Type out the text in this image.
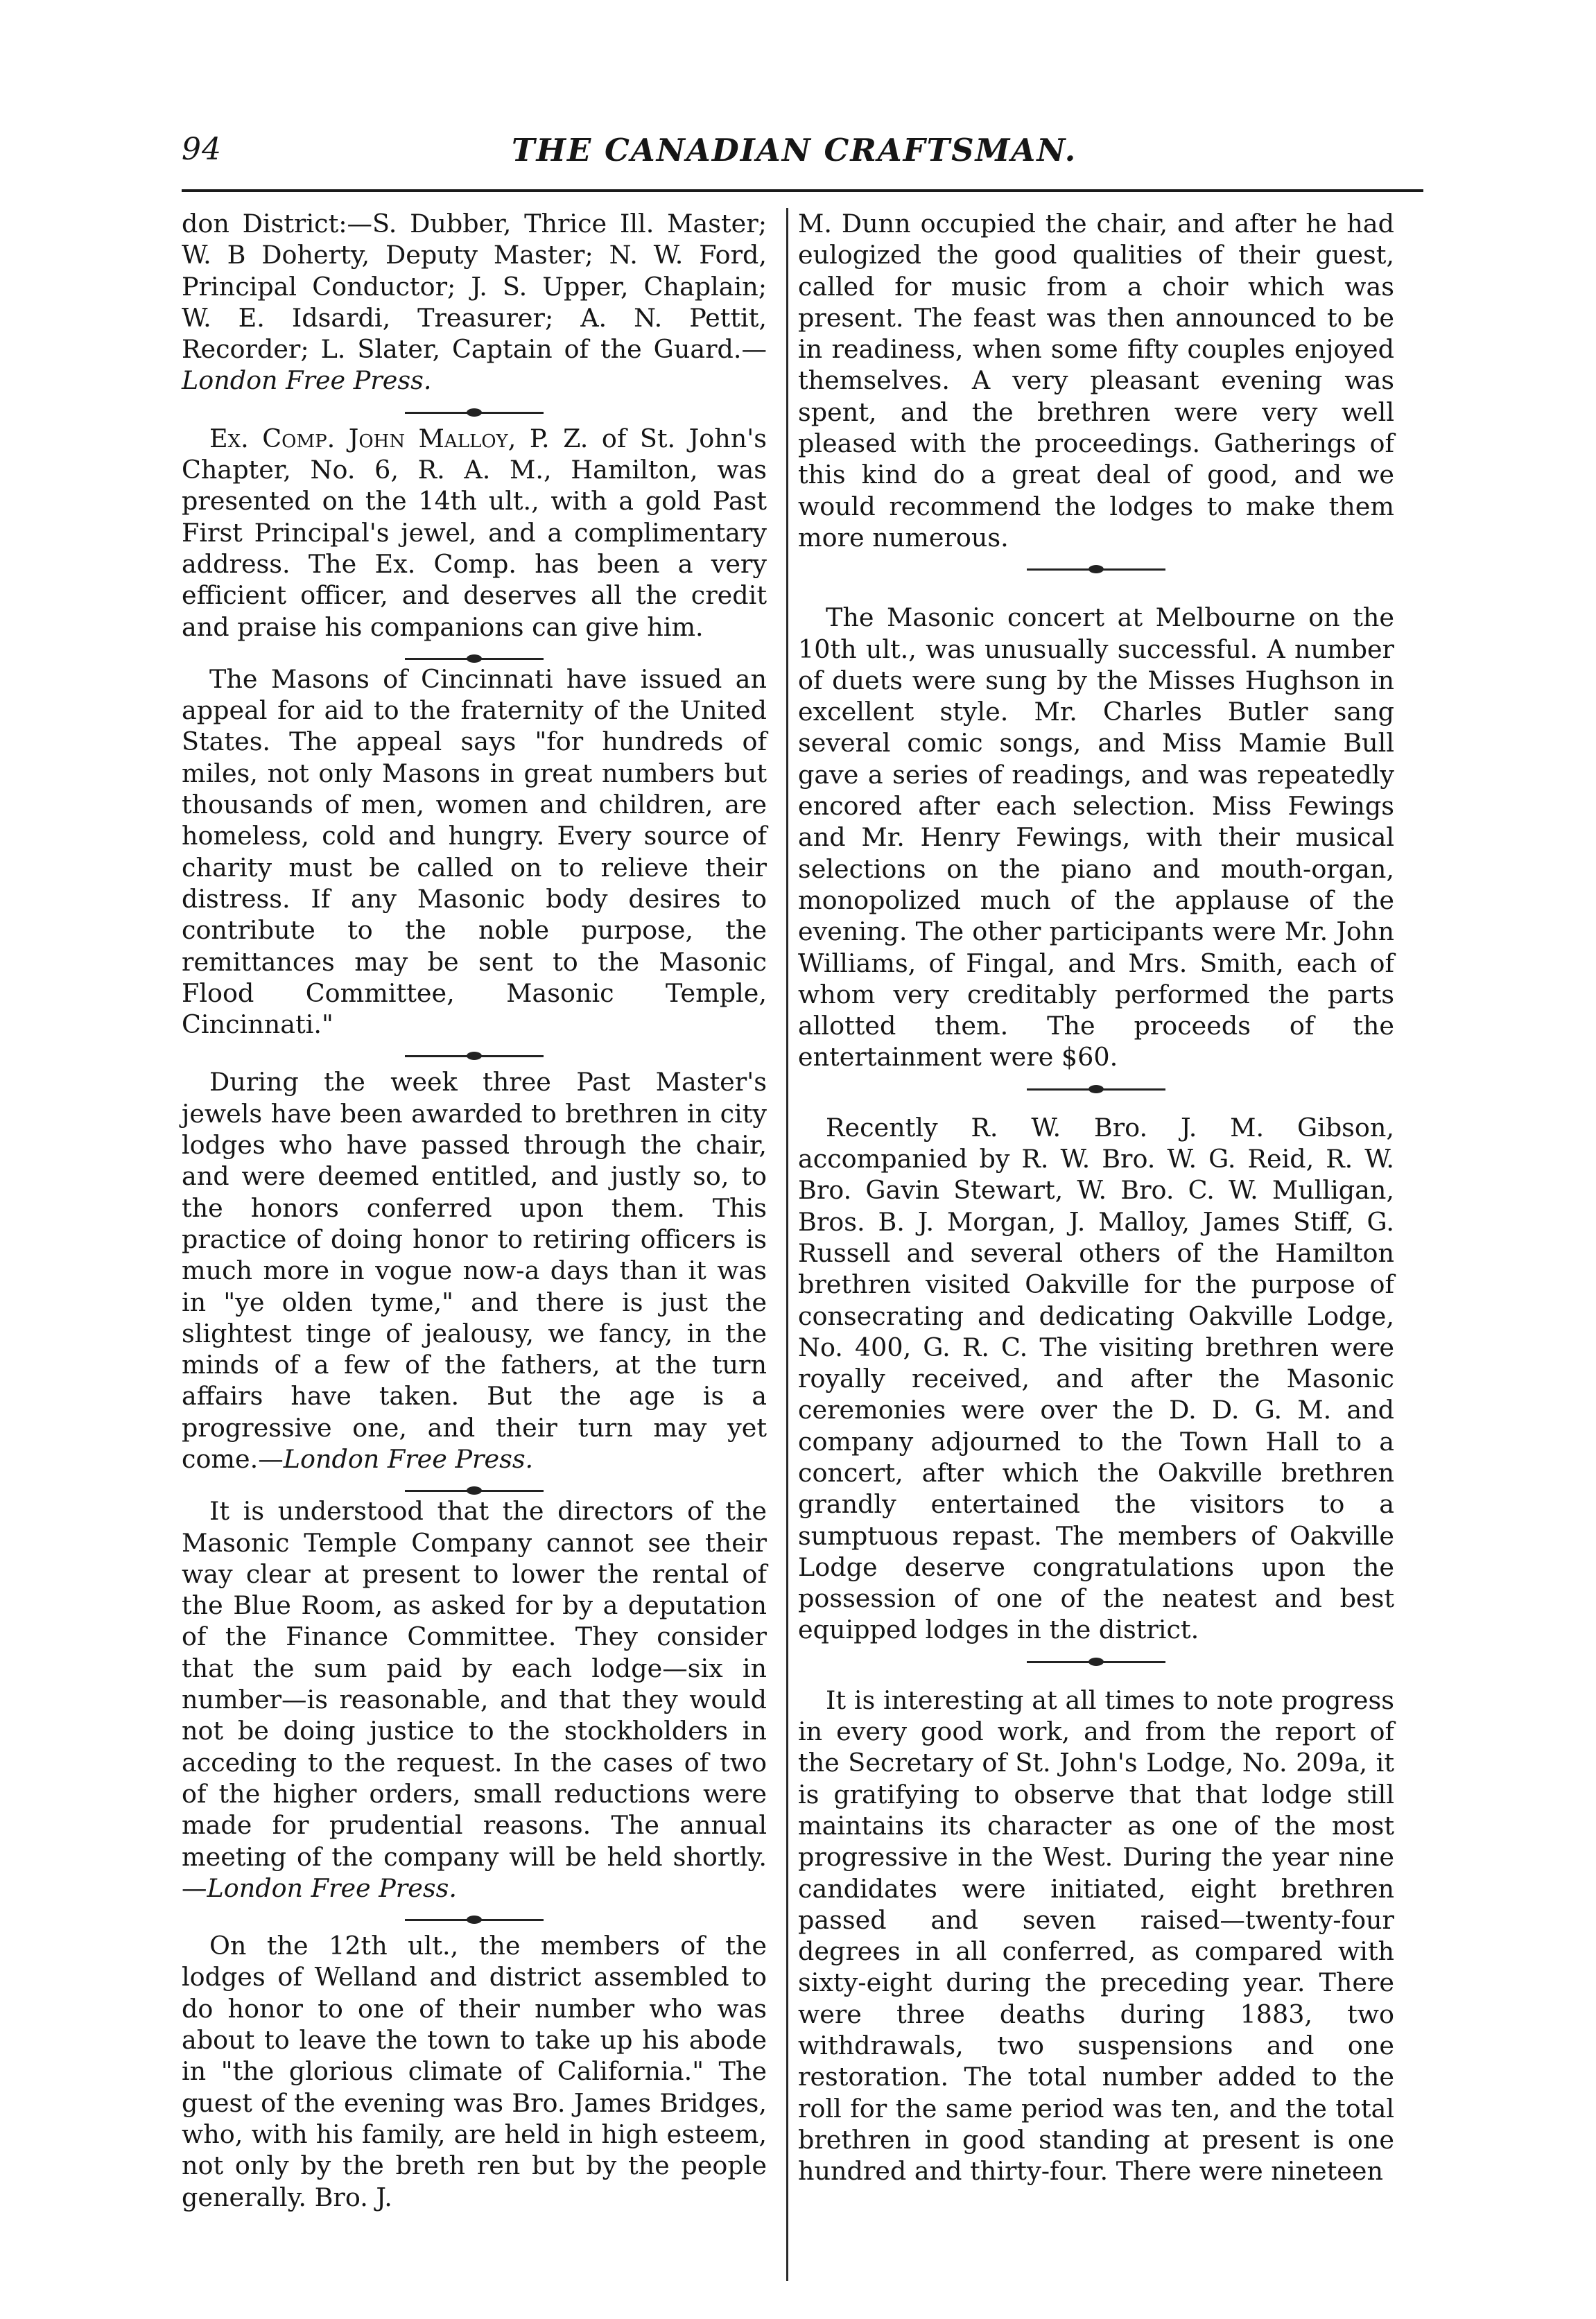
94	THE CANADIAN CRAFTSMAN.

don District:—S. Dubber, Thrice Ill. Master; W. B Doherty, Deputy Master; N. W. Ford, Principal Conductor; J. S. Upper, Chaplain; W. E. Idsardi, Treasurer; A. N. Pettit, Recorder; L. Slater, Captain of the Guard.—London Free Press.

Ex. Comp. John Malloy, P. Z. of St. John's Chapter, No. 6, R. A. M., Hamilton, was presented on the 14th ult., with a gold Past First Principal's jewel, and a complimentary address. The Ex. Comp. has been a very efficient officer, and deserves all the credit and praise his companions can give him.

The Masons of Cincinnati have issued an appeal for aid to the fraternity of the United States. The appeal says "for hundreds of miles, not only Masons in great numbers but thousands of men, women and children, are homeless, cold and hungry. Every source of charity must be called on to relieve their distress. If any Masonic body desires to contribute to the noble purpose, the remittances may be sent to the Masonic Flood Committee, Masonic Temple, Cincinnati."

During the week three Past Master's jewels have been awarded to brethren in city lodges who have passed through the chair, and were deemed entitled, and justly so, to the honors conferred upon them. This practice of doing honor to retiring officers is much more in vogue now-a days than it was in "ye olden tyme," and there is just the slightest tinge of jealousy, we fancy, in the minds of a few of the fathers, at the turn affairs have taken. But the age is a progressive one, and their turn may yet come.—London Free Press.

It is understood that the directors of the Masonic Temple Company cannot see their way clear at present to lower the rental of the Blue Room, as asked for by a deputation of the Finance Committee. They consider that the sum paid by each lodge—six in number—is reasonable, and that they would not be doing justice to the stockholders in acceding to the request. In the cases of two of the higher orders, small reductions were made for prudential reasons. The annual meeting of the company will be held shortly.—London Free Press.

On the 12th ult., the members of the lodges of Welland and district assembled to do honor to one of their number who was about to leave the town to take up his abode in "the glorious climate of California." The guest of the evening was Bro. James Bridges, who, with his family, are held in high esteem, not only by the breth ren but by the people generally. Bro. J.

M. Dunn occupied the chair, and after he had eulogized the good qualities of their guest, called for music from a choir which was present. The feast was then announced to be in readiness, when some fifty couples enjoyed themselves. A very pleasant evening was spent, and the brethren were very well pleased with the proceedings. Gatherings of this kind do a great deal of good, and we would recommend the lodges to make them more numerous.

The Masonic concert at Melbourne on the 10th ult., was unusually successful. A number of duets were sung by the Misses Hughson in excellent style. Mr. Charles Butler sang several comic songs, and Miss Mamie Bull gave a series of readings, and was repeatedly encored after each selection. Miss Fewings and Mr. Henry Fewings, with their musical selections on the piano and mouth-organ, monopolized much of the applause of the evening. The other participants were Mr. John Williams, of Fingal, and Mrs. Smith, each of whom very creditably performed the parts allotted them. The proceeds of the entertainment were $60.

Recently R. W. Bro. J. M. Gibson, accompanied by R. W. Bro. W. G. Reid, R. W. Bro. Gavin Stewart, W. Bro. C. W. Mulligan, Bros. B. J. Morgan, J. Malloy, James Stiff, G. Russell and several others of the Hamilton brethren visited Oakville for the purpose of consecrating and dedicating Oakville Lodge, No. 400, G. R. C. The visiting brethren were royally received, and after the Masonic ceremonies were over the D. D. G. M. and company adjourned to the Town Hall to a concert, after which the Oakville brethren grandly entertained the visitors to a sumptuous repast. The members of Oakville Lodge deserve congratulations upon the possession of one of the neatest and best equipped lodges in the district.

It is interesting at all times to note progress in every good work, and from the report of the Secretary of St. John's Lodge, No. 209a, it is gratifying to observe that that lodge still maintains its character as one of the most progressive in the West. During the year nine candidates were initiated, eight brethren passed and seven raised—twenty-four degrees in all conferred, as compared with sixty-eight during the preceding year. There were three deaths during 1883, two withdrawals, two suspensions and one restoration. The total number added to the roll for the same period was ten, and the total brethren in good standing at present is one hundred and thirty-four. There were nineteen
